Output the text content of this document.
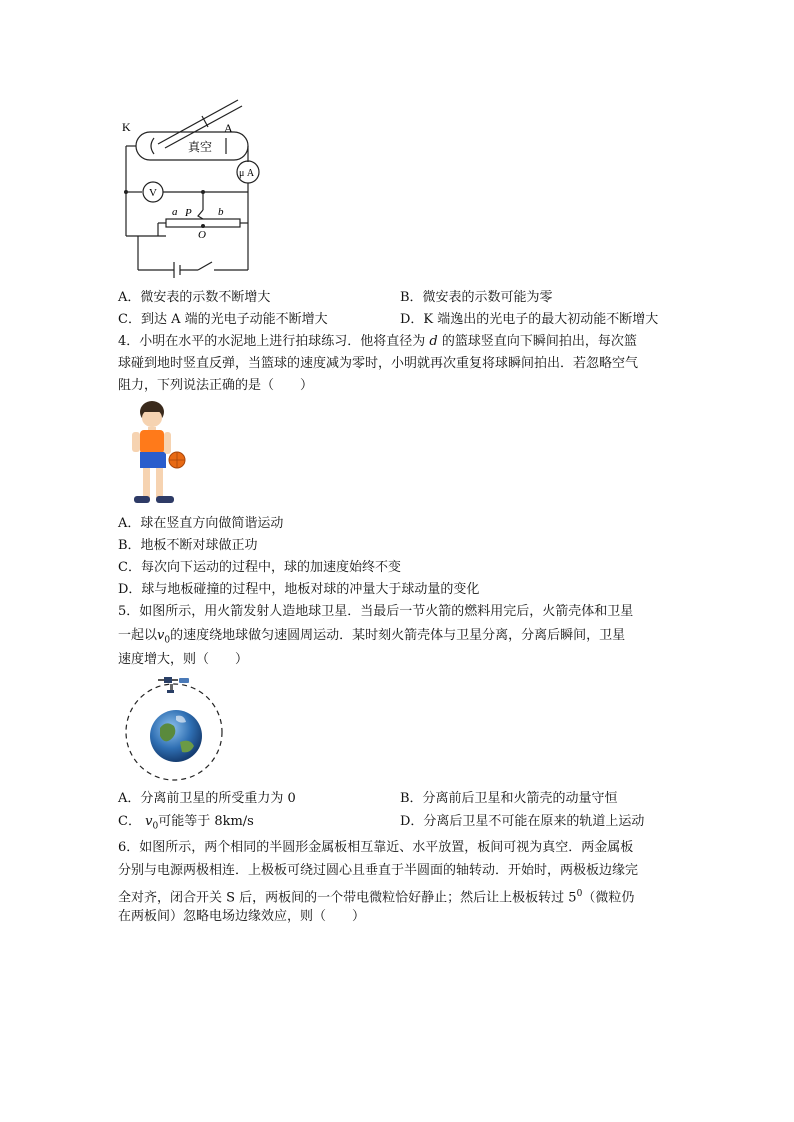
K	A
真空
μ A
V
a P b
O
A．微安表的示数不断增大	B．微安表的示数可能为零
C．到达 A 端的光电子动能不断增大	D．K 端逸出的光电子的最大初动能不断增大
4．小明在水平的水泥地上进行拍球练习．他将直径为 d 的篮球竖直向下瞬间拍出，每次篮
球碰到地时竖直反弹，当篮球的速度减为零时，小明就再次重复将球瞬间拍出．若忽略空气
阻力，下列说法正确的是（　　）
A．球在竖直方向做简谐运动
B．地板不断对球做正功
C．每次向下运动的过程中，球的加速度始终不变
D．球与地板碰撞的过程中，地板对球的冲量大于球动量的变化
5．如图所示，用火箭发射人造地球卫星．当最后一节火箭的燃料用完后，火箭壳体和卫星
一起以$v_0$的速度绕地球做匀速圆周运动．某时刻火箭壳体与卫星分离，分离后瞬间，卫星
速度增大，则（　　）
A．分离前卫星的所受重力为 0	B．分离前后卫星和火箭壳的动量守恒
C． $v_0$可能等于 8km/s	D．分离后卫星不可能在原来的轨道上运动
6．如图所示，两个相同的半圆形金属板相互靠近、水平放置，板间可视为真空．两金属板
分别与电源两极相连．上极板可绕过圆心且垂直于半圆面的轴转动．开始时，两极板边缘完
全对齐，闭合开关 S 后，两板间的一个带电微粒恰好静止；然后让上极板转过 $5^0$（微粒仍
在两板间）忽略电场边缘效应，则（　　）
